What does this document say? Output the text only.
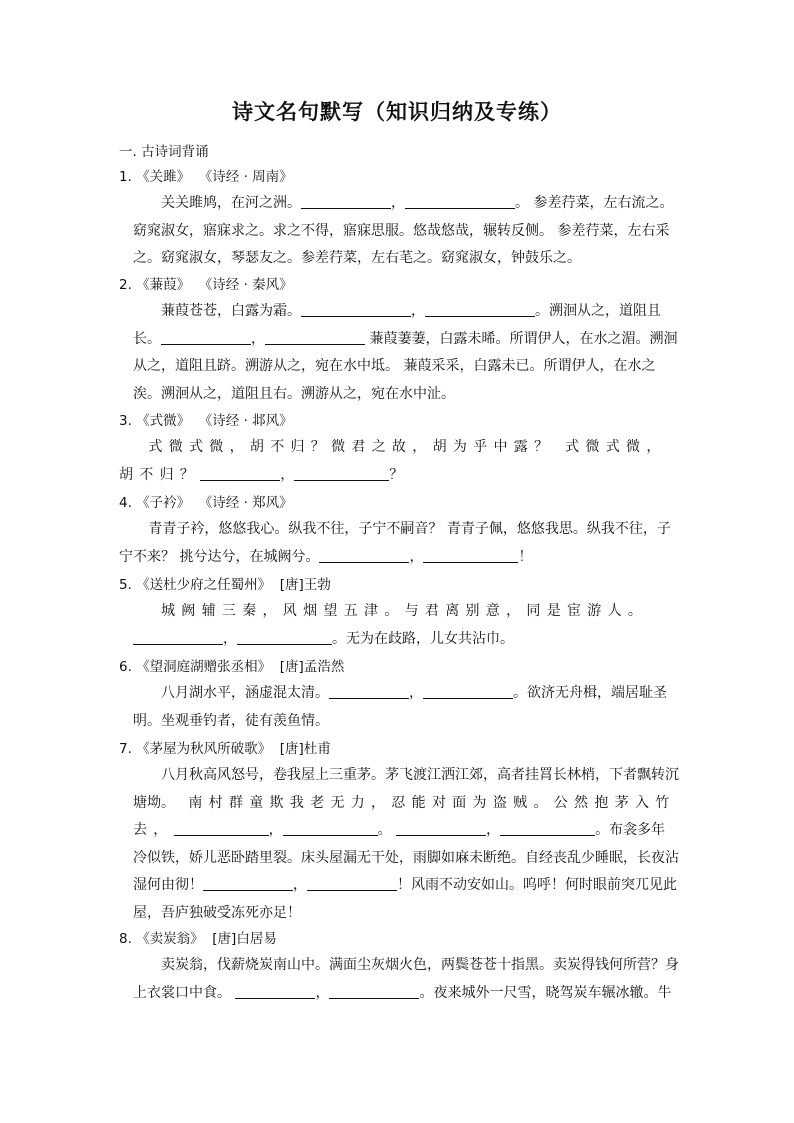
诗文名句默写（知识归纳及专练）
一. 古诗词背诵
1. 《关雎》 《诗经 · 周南》
关关雎鸠，在河之洲。	，	。 参差荇菜，左右流之。窈窕淑女，寤寐求之。求之不得，寤寐思服。悠哉悠哉，辗转反侧。 参差荇菜，左右采之。窈窕淑女，琴瑟友之。参差荇菜，左右芼之。窈窕淑女，钟鼓乐之。
2. 《蒹葭》 《诗经 · 秦风》
蒹葭苍苍，白露为霜。	，	。溯洄从之，道阻且长。	，	蒹葭萋萋，白露未晞。所谓伊人，在水之湄。溯洄从之，道阻且跻。溯游从之，宛在水中坻。 蒹葭采采，白露未已。所谓伊人，在水之涘。溯洄从之，道阻且右。溯游从之，宛在水中沚。
3. 《式微》 《诗经 · 邶风》
式微式微，胡不归？微君之故，胡为乎中露？ 式微式微，胡不归？	，	？
4. 《子衿》 《诗经 · 郑风》
青青子衿，悠悠我心。纵我不往，子宁不嗣音？ 青青子佩，悠悠我思。纵我不往，子宁不来？ 挑兮达兮，在城阙兮。	，	！
5. 《送杜少府之任蜀州》 [唐]王勃
城阙辅三秦，风烟望五津。与君离别意，同是宦游人。，	。无为在歧路，儿女共沾巾。
6. 《望洞庭湖赠张丞相》 [唐]孟浩然
八月湖水平，涵虚混太清。	，	。欲济无舟楫，端居耻圣明。坐观垂钓者，徒有羡鱼情。
7. 《茅屋为秋风所破歌》 [唐]杜甫
八月秋高风怒号，卷我屋上三重茅。茅飞渡江洒江郊，高者挂罥长林梢，下者飘转沉塘坳。 南村群童欺我老无力，忍能对面为盗贼。公然抱茅入竹去，	，	。	，	。布衾多年冷似铁，娇儿恶卧踏里裂。床头屋漏无干处，雨脚如麻未断绝。自经丧乱少睡眠，长夜沾湿何由彻！	，	！风雨不动安如山。呜呼！何时眼前突兀见此屋，吾庐独破受冻死亦足！
8. 《卖炭翁》 [唐]白居易
卖炭翁，伐薪烧炭南山中。满面尘灰烟火色，两鬓苍苍十指黑。卖炭得钱何所营？身上衣裳口中食。	，	。夜来城外一尺雪，晓驾炭车辗冰辙。牛
